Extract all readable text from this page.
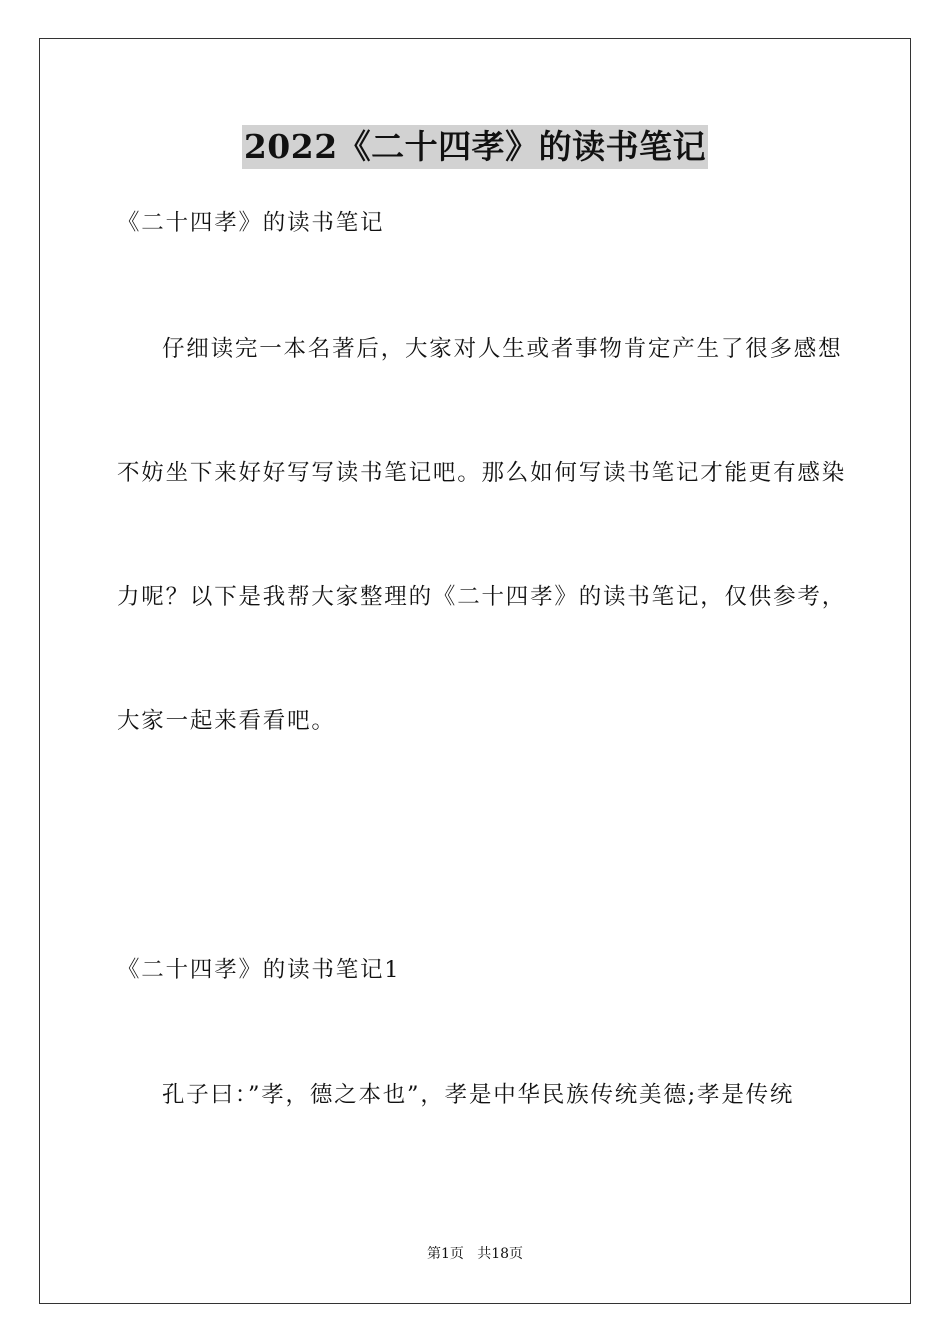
2022《二十四孝》的读书笔记
《二十四孝》的读书笔记
仔细读完一本名著后，大家对人生或者事物肯定产生了很多感想
不妨坐下来好好写写读书笔记吧。那么如何写读书笔记才能更有感染
力呢？以下是我帮大家整理的《二十四孝》的读书笔记，仅供参考，
大家一起来看看吧。
《二十四孝》的读书笔记1
孔子曰：”孝，德之本也”，孝是中华民族传统美德;孝是传统
第1页   共18页
